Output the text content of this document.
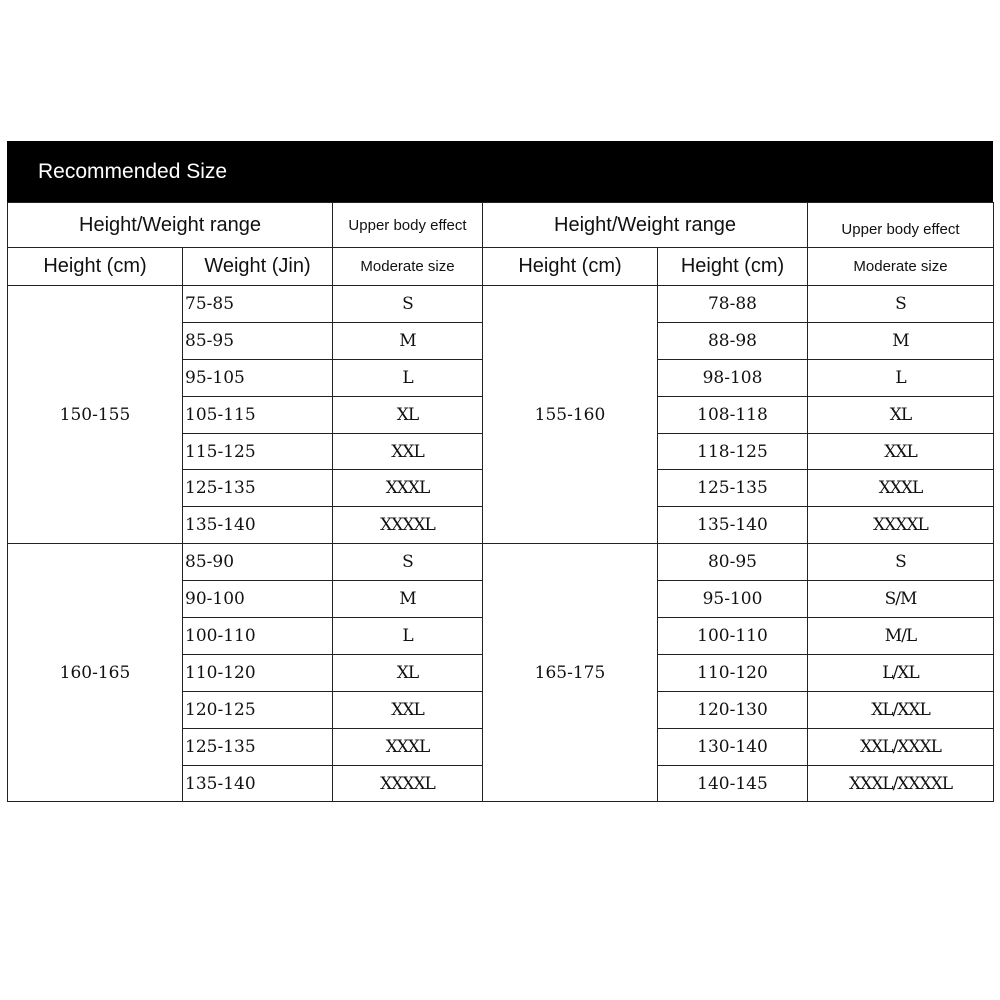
Recommended Size
Height/Weight range		Upper body effect	Height/Weight range		Upper body effect
Height (cm)	Weight (Jin)	Moderate size	Height (cm)	Height (cm)	Moderate size
150-155	75-85	S	155-160	78-88	S
	85-95	M		88-98	M
	95-105	L		98-108	L
	105-115	XL		108-118	XL
	115-125	XXL		118-125	XXL
	125-135	XXXL		125-135	XXXL
	135-140	XXXXL		135-140	XXXXL
160-165	85-90	S	165-175	80-95	S
	90-100	M		95-100	S/M
	100-110	L		100-110	M/L
	110-120	XL		110-120	L/XL
	120-125	XXL		120-130	XL/XXL
	125-135	XXXL		130-140	XXL/XXXL
	135-140	XXXXL		140-145	XXXL/XXXXL
